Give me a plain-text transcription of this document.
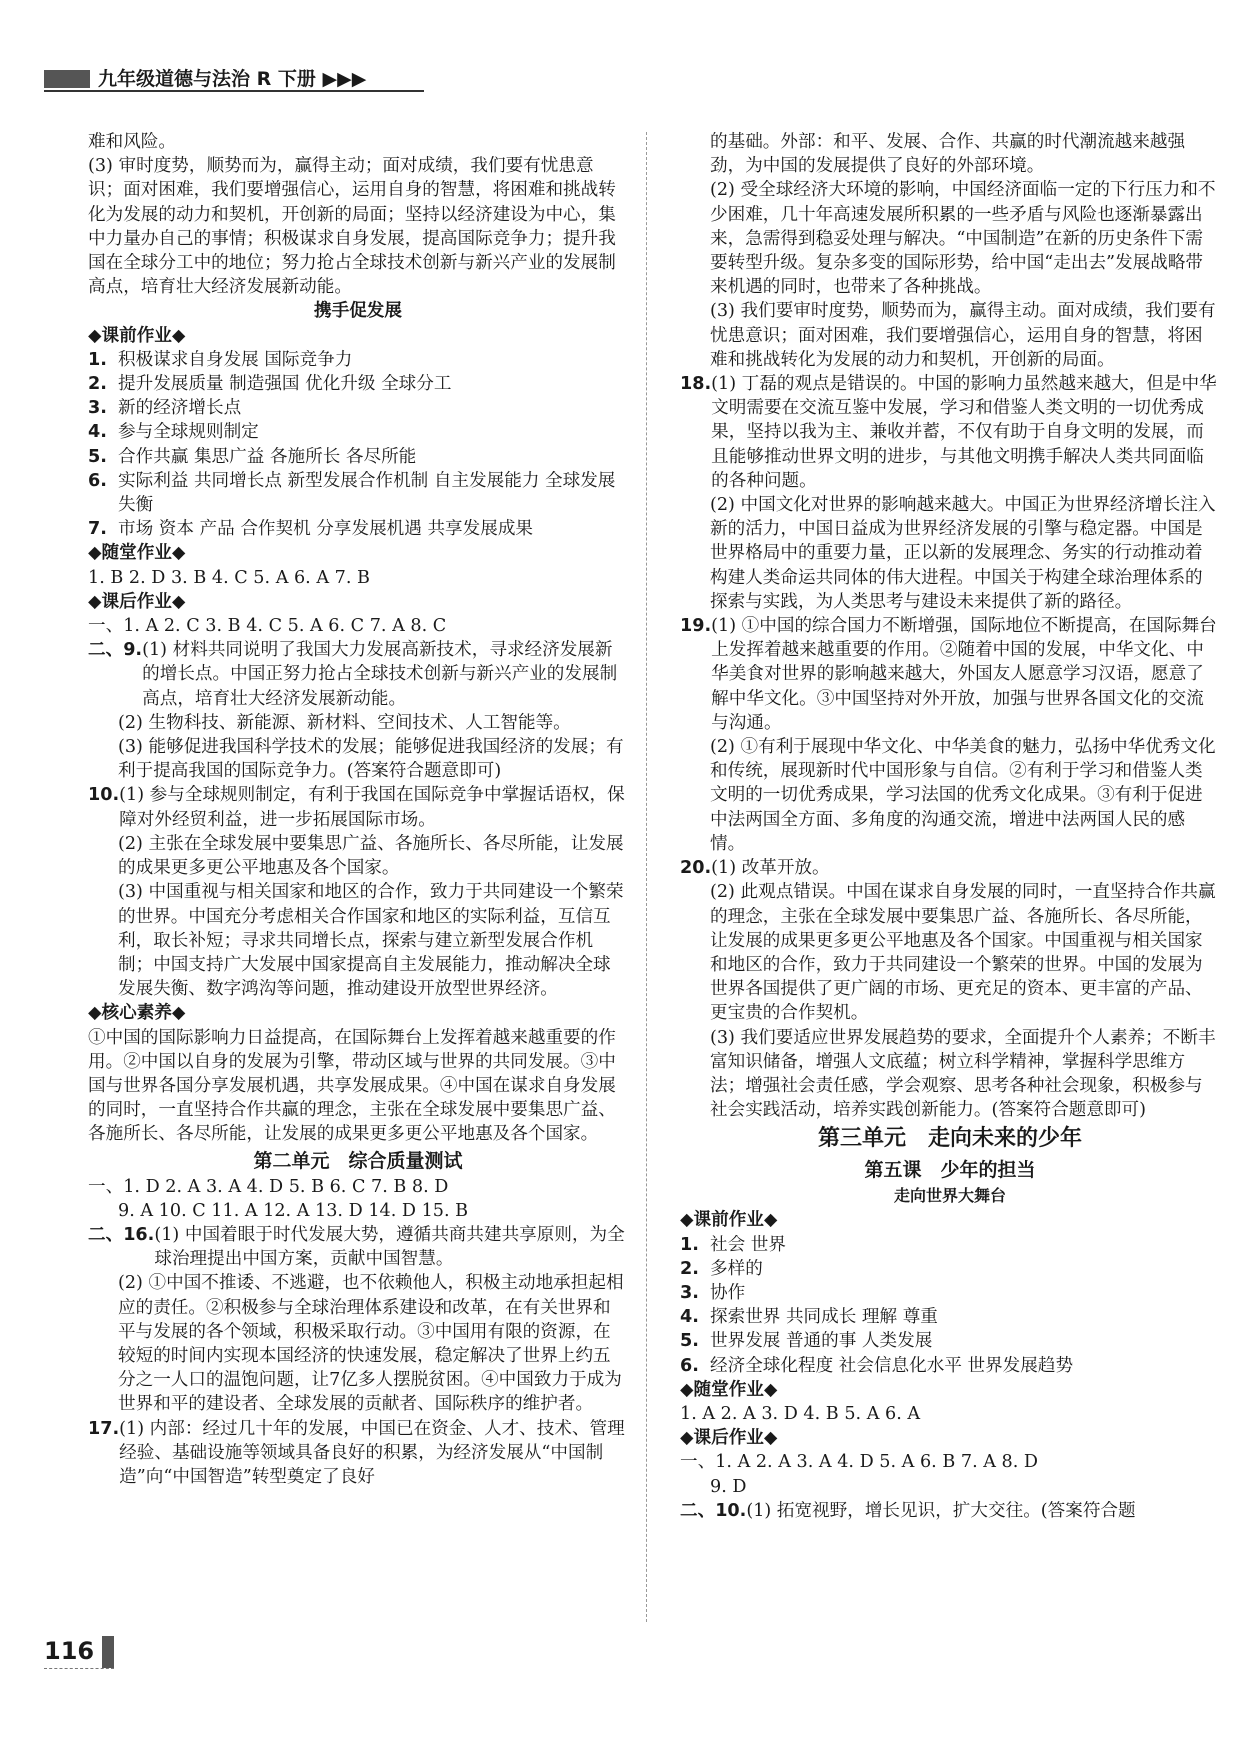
九年级道德与法治 R 下册 ▶▶▶
难和风险。
(3) 审时度势，顺势而为，赢得主动；面对成绩，我们要有忧患意识；面对困难，我们要增强信心，运用自身的智慧，将困难和挑战转化为发展的动力和契机，开创新的局面；坚持以经济建设为中心，集中力量办自己的事情；积极谋求自身发展，提高国际竞争力；提升我国在全球分工中的地位；努力抢占全球技术创新与新兴产业的发展制高点，培育壮大经济发展新动能。
携手促发展
◆课前作业◆
1. 积极谋求自身发展 国际竞争力
2. 提升发展质量 制造强国 优化升级 全球分工
3. 新的经济增长点
4. 参与全球规则制定
5. 合作共赢 集思广益 各施所长 各尽所能
6. 实际利益 共同增长点 新型发展合作机制 自主发展能力 全球发展失衡
7. 市场 资本 产品 合作契机 分享发展机遇 共享发展成果
◆随堂作业◆
1. B 2. D 3. B 4. C 5. A 6. A 7. B
◆课后作业◆
一、1. A 2. C 3. B 4. C 5. A 6. C 7. A 8. C
二、9. (1) 材料共同说明了我国大力发展高新技术，寻求经济发展新的增长点。中国正努力抢占全球技术创新与新兴产业的发展制高点，培育壮大经济发展新动能。
(2) 生物科技、新能源、新材料、空间技术、人工智能等。
(3) 能够促进我国科学技术的发展；能够促进我国经济的发展；有利于提高我国的国际竞争力。(答案符合题意即可)
10. (1) 参与全球规则制定，有利于我国在国际竞争中掌握话语权，保障对外经贸利益，进一步拓展国际市场。
(2) 主张在全球发展中要集思广益、各施所长、各尽所能，让发展的成果更多更公平地惠及各个国家。
(3) 中国重视与相关国家和地区的合作，致力于共同建设一个繁荣的世界。中国充分考虑相关合作国家和地区的实际利益，互信互利，取长补短；寻求共同增长点，探索与建立新型发展合作机制；中国支持广大发展中国家提高自主发展能力，推动解决全球发展失衡、数字鸿沟等问题，推动建设开放型世界经济。
◆核心素养◆
①中国的国际影响力日益提高，在国际舞台上发挥着越来越重要的作用。②中国以自身的发展为引擎，带动区域与世界的共同发展。③中国与世界各国分享发展机遇，共享发展成果。④中国在谋求自身发展的同时，一直坚持合作共赢的理念，主张在全球发展中要集思广益、各施所长、各尽所能，让发展的成果更多更公平地惠及各个国家。
第二单元　综合质量测试
一、1. D 2. A 3. A 4. D 5. B 6. C 7. B 8. D
9. A 10. C 11. A 12. A 13. D 14. D 15. B
二、16. (1) 中国着眼于时代发展大势，遵循共商共建共享原则，为全球治理提出中国方案，贡献中国智慧。
(2) ①中国不推诿、不逃避，也不依赖他人，积极主动地承担起相应的责任。②积极参与全球治理体系建设和改革，在有关世界和平与发展的各个领域，积极采取行动。③中国用有限的资源，在较短的时间内实现本国经济的快速发展，稳定解决了世界上约五分之一人口的温饱问题，让7亿多人摆脱贫困。④中国致力于成为世界和平的建设者、全球发展的贡献者、国际秩序的维护者。
17. (1) 内部：经过几十年的发展，中国已在资金、人才、技术、管理经验、基础设施等领域具备良好的积累，为经济发展从“中国制造”向“中国智造”转型奠定了良好
的基础。外部：和平、发展、合作、共赢的时代潮流越来越强劲，为中国的发展提供了良好的外部环境。
(2) 受全球经济大环境的影响，中国经济面临一定的下行压力和不少困难，几十年高速发展所积累的一些矛盾与风险也逐渐暴露出来，急需得到稳妥处理与解决。“中国制造”在新的历史条件下需要转型升级。复杂多变的国际形势，给中国“走出去”发展战略带来机遇的同时，也带来了各种挑战。
(3) 我们要审时度势，顺势而为，赢得主动。面对成绩，我们要有忧患意识；面对困难，我们要增强信心，运用自身的智慧，将困难和挑战转化为发展的动力和契机，开创新的局面。
18. (1) 丁磊的观点是错误的。中国的影响力虽然越来越大，但是中华文明需要在交流互鉴中发展，学习和借鉴人类文明的一切优秀成果，坚持以我为主、兼收并蓄，不仅有助于自身文明的发展，而且能够推动世界文明的进步，与其他文明携手解决人类共同面临的各种问题。
(2) 中国文化对世界的影响越来越大。中国正为世界经济增长注入新的活力，中国日益成为世界经济发展的引擎与稳定器。中国是世界格局中的重要力量，正以新的发展理念、务实的行动推动着构建人类命运共同体的伟大进程。中国关于构建全球治理体系的探索与实践，为人类思考与建设未来提供了新的路径。
19. (1) ①中国的综合国力不断增强，国际地位不断提高，在国际舞台上发挥着越来越重要的作用。②随着中国的发展，中华文化、中华美食对世界的影响越来越大，外国友人愿意学习汉语，愿意了解中华文化。③中国坚持对外开放，加强与世界各国文化的交流与沟通。
(2) ①有利于展现中华文化、中华美食的魅力，弘扬中华优秀文化和传统，展现新时代中国形象与自信。②有利于学习和借鉴人类文明的一切优秀成果，学习法国的优秀文化成果。③有利于促进中法两国全方面、多角度的沟通交流，增进中法两国人民的感情。
20. (1) 改革开放。
(2) 此观点错误。中国在谋求自身发展的同时，一直坚持合作共赢的理念，主张在全球发展中要集思广益、各施所长、各尽所能，让发展的成果更多更公平地惠及各个国家。中国重视与相关国家和地区的合作，致力于共同建设一个繁荣的世界。中国的发展为世界各国提供了更广阔的市场、更充足的资本、更丰富的产品、更宝贵的合作契机。
(3) 我们要适应世界发展趋势的要求，全面提升个人素养；不断丰富知识储备，增强人文底蕴；树立科学精神，掌握科学思维方法；增强社会责任感，学会观察、思考各种社会现象，积极参与社会实践活动，培养实践创新能力。(答案符合题意即可)
第三单元　走向未来的少年
第五课　少年的担当
走向世界大舞台
◆课前作业◆
1. 社会 世界
2. 多样的
3. 协作
4. 探索世界 共同成长 理解 尊重
5. 世界发展 普通的事 人类发展
6. 经济全球化程度 社会信息化水平 世界发展趋势
◆随堂作业◆
1. A 2. A 3. D 4. B 5. A 6. A
◆课后作业◆
一、1. A 2. A 3. A 4. D 5. A 6. B 7. A 8. D
9. D
二、10. (1) 拓宽视野，增长见识，扩大交往。(答案符合题
116
